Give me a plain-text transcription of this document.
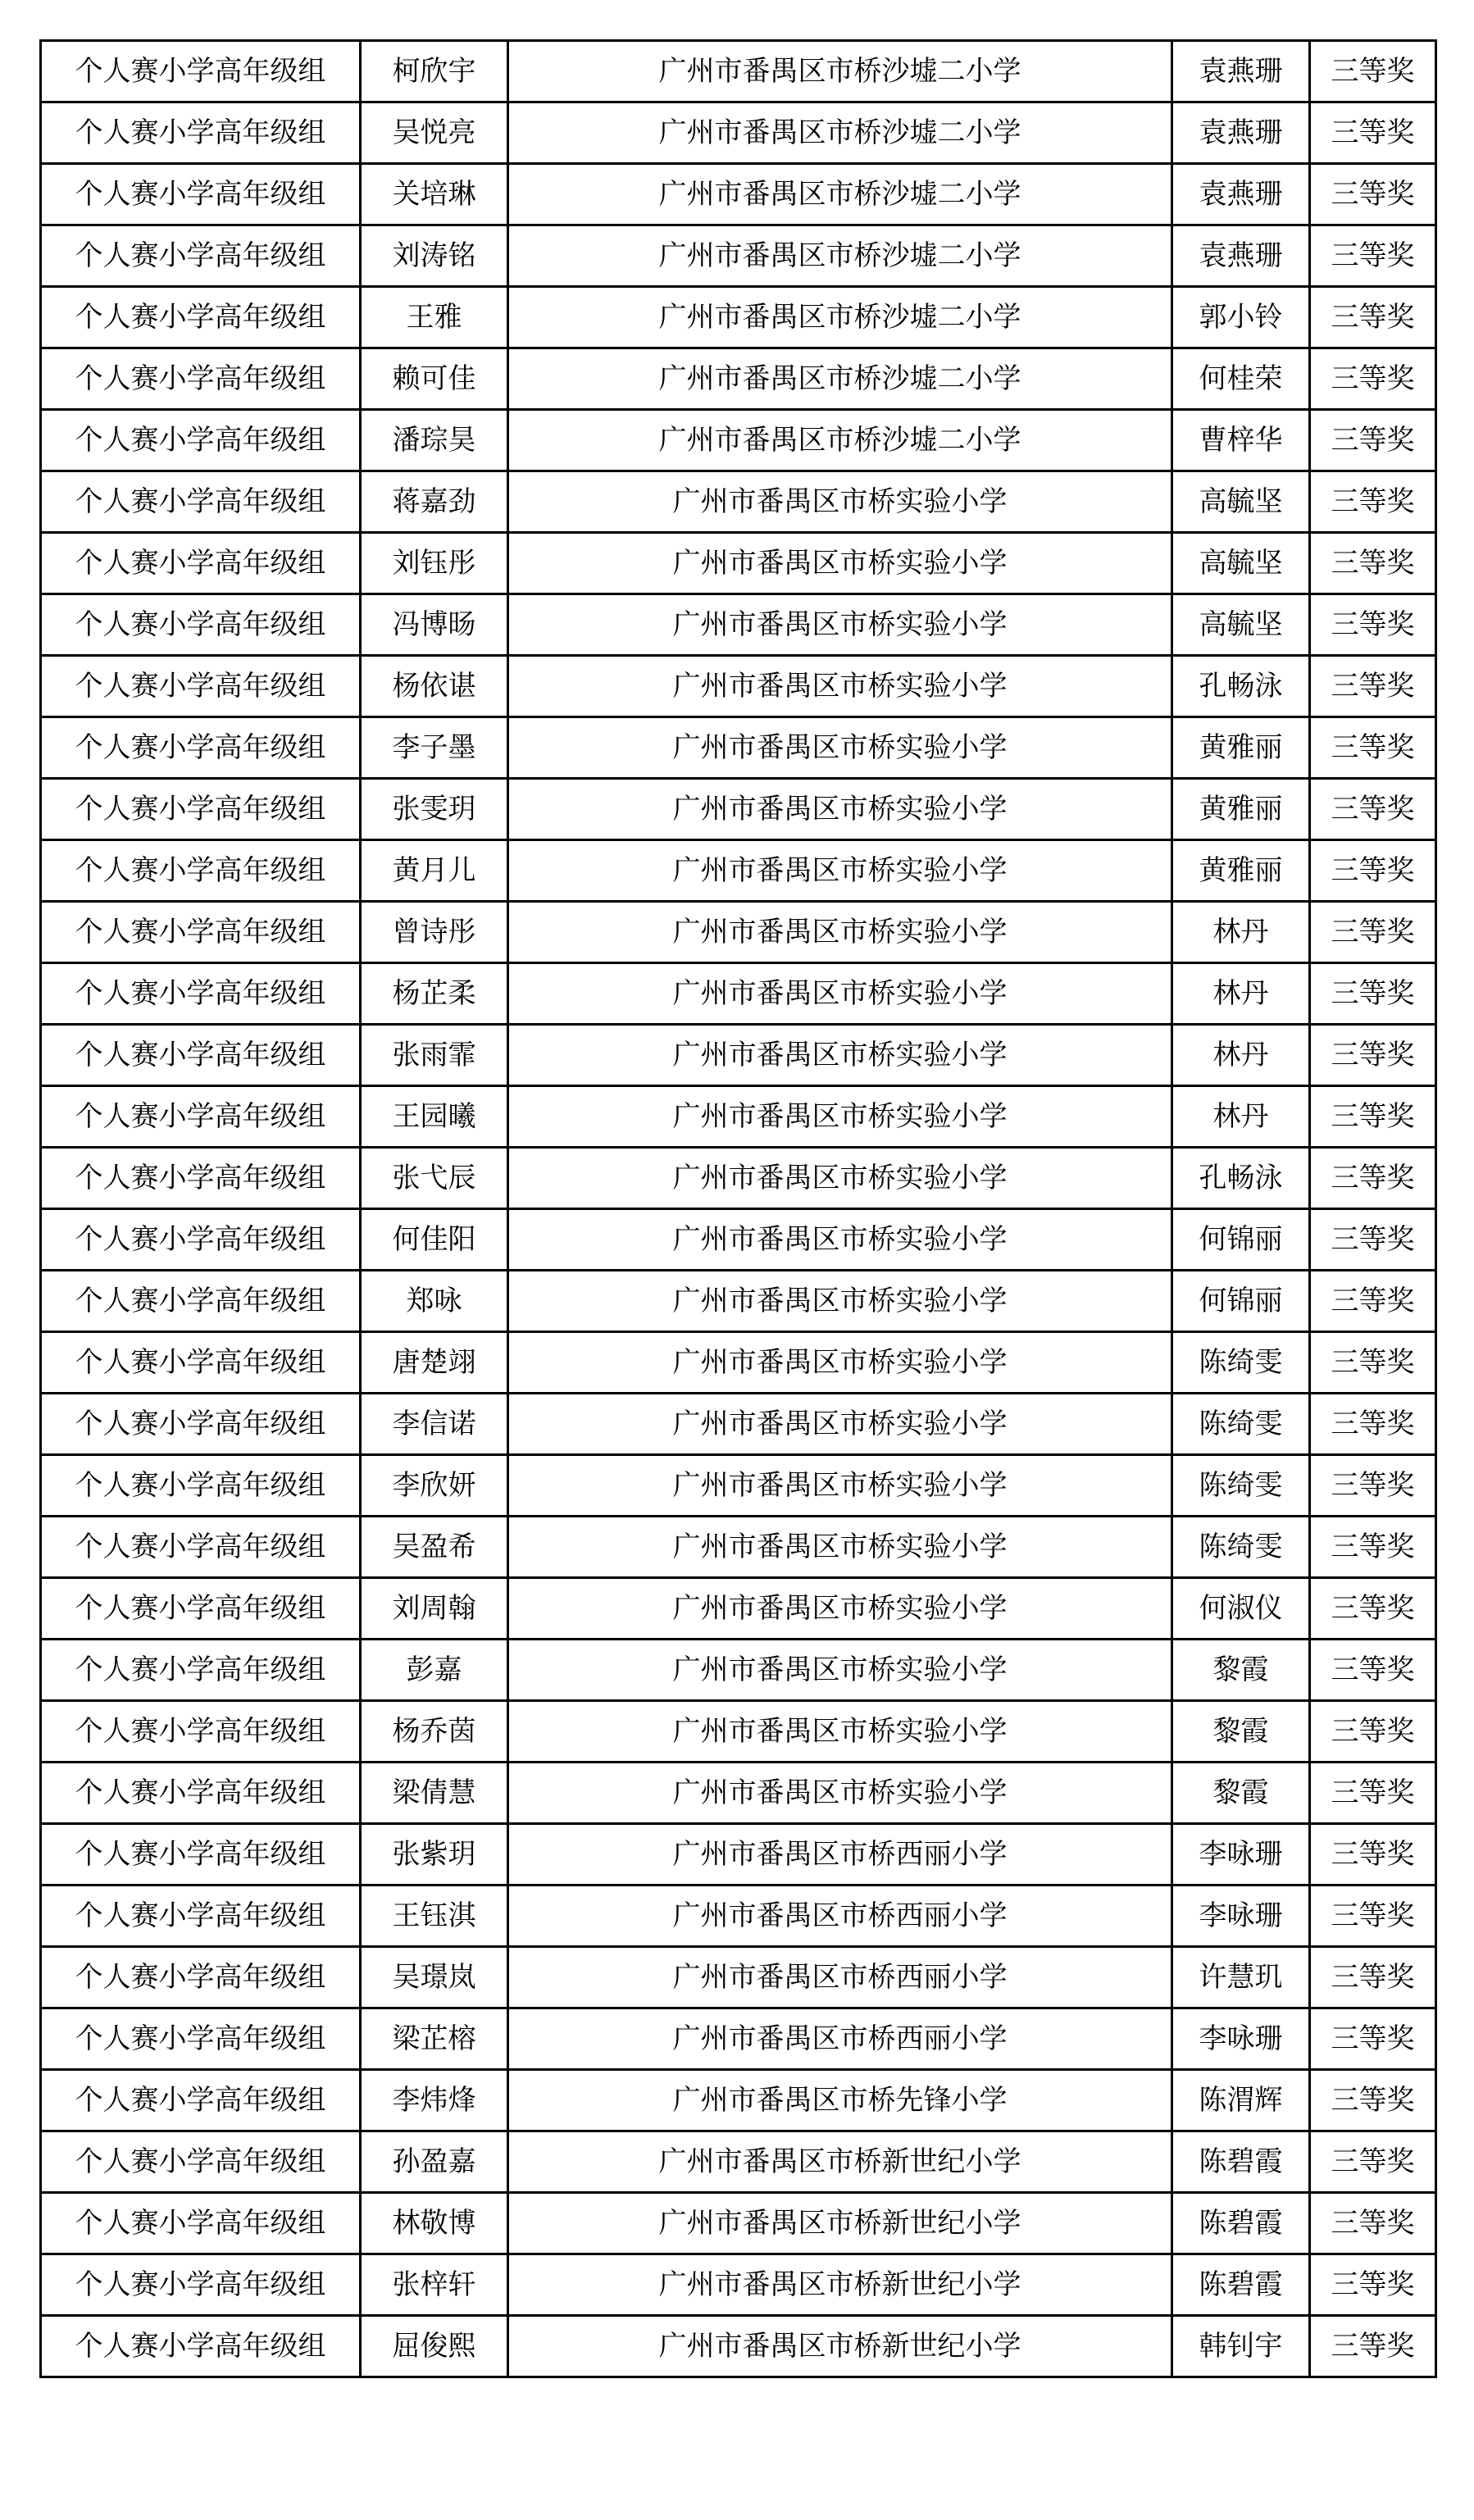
个人赛小学高年级组	柯欣宇	广州市番禺区市桥沙墟二小学	袁燕珊	三等奖
个人赛小学高年级组	吴悦亮	广州市番禺区市桥沙墟二小学	袁燕珊	三等奖
个人赛小学高年级组	关培琳	广州市番禺区市桥沙墟二小学	袁燕珊	三等奖
个人赛小学高年级组	刘涛铭	广州市番禺区市桥沙墟二小学	袁燕珊	三等奖
个人赛小学高年级组	王雅	广州市番禺区市桥沙墟二小学	郭小铃	三等奖
个人赛小学高年级组	赖可佳	广州市番禺区市桥沙墟二小学	何桂荣	三等奖
个人赛小学高年级组	潘琮昊	广州市番禺区市桥沙墟二小学	曹梓华	三等奖
个人赛小学高年级组	蒋嘉劲	广州市番禺区市桥实验小学	高毓坚	三等奖
个人赛小学高年级组	刘钰彤	广州市番禺区市桥实验小学	高毓坚	三等奖
个人赛小学高年级组	冯博旸	广州市番禺区市桥实验小学	高毓坚	三等奖
个人赛小学高年级组	杨依谌	广州市番禺区市桥实验小学	孔畅泳	三等奖
个人赛小学高年级组	李子墨	广州市番禺区市桥实验小学	黄雅丽	三等奖
个人赛小学高年级组	张雯玥	广州市番禺区市桥实验小学	黄雅丽	三等奖
个人赛小学高年级组	黄月儿	广州市番禺区市桥实验小学	黄雅丽	三等奖
个人赛小学高年级组	曾诗彤	广州市番禺区市桥实验小学	林丹	三等奖
个人赛小学高年级组	杨芷柔	广州市番禺区市桥实验小学	林丹	三等奖
个人赛小学高年级组	张雨霏	广州市番禺区市桥实验小学	林丹	三等奖
个人赛小学高年级组	王园曦	广州市番禺区市桥实验小学	林丹	三等奖
个人赛小学高年级组	张弋辰	广州市番禺区市桥实验小学	孔畅泳	三等奖
个人赛小学高年级组	何佳阳	广州市番禺区市桥实验小学	何锦丽	三等奖
个人赛小学高年级组	郑咏	广州市番禺区市桥实验小学	何锦丽	三等奖
个人赛小学高年级组	唐楚翊	广州市番禺区市桥实验小学	陈绮雯	三等奖
个人赛小学高年级组	李信诺	广州市番禺区市桥实验小学	陈绮雯	三等奖
个人赛小学高年级组	李欣妍	广州市番禺区市桥实验小学	陈绮雯	三等奖
个人赛小学高年级组	吴盈希	广州市番禺区市桥实验小学	陈绮雯	三等奖
个人赛小学高年级组	刘周翰	广州市番禺区市桥实验小学	何淑仪	三等奖
个人赛小学高年级组	彭嘉	广州市番禺区市桥实验小学	黎霞	三等奖
个人赛小学高年级组	杨乔茵	广州市番禺区市桥实验小学	黎霞	三等奖
个人赛小学高年级组	梁倩慧	广州市番禺区市桥实验小学	黎霞	三等奖
个人赛小学高年级组	张紫玥	广州市番禺区市桥西丽小学	李咏珊	三等奖
个人赛小学高年级组	王钰淇	广州市番禺区市桥西丽小学	李咏珊	三等奖
个人赛小学高年级组	吴璟岚	广州市番禺区市桥西丽小学	许慧玑	三等奖
个人赛小学高年级组	梁芷榕	广州市番禺区市桥西丽小学	李咏珊	三等奖
个人赛小学高年级组	李炜烽	广州市番禺区市桥先锋小学	陈渭辉	三等奖
个人赛小学高年级组	孙盈嘉	广州市番禺区市桥新世纪小学	陈碧霞	三等奖
个人赛小学高年级组	林敬博	广州市番禺区市桥新世纪小学	陈碧霞	三等奖
个人赛小学高年级组	张梓轩	广州市番禺区市桥新世纪小学	陈碧霞	三等奖
个人赛小学高年级组	屈俊熙	广州市番禺区市桥新世纪小学	韩钊宇	三等奖
